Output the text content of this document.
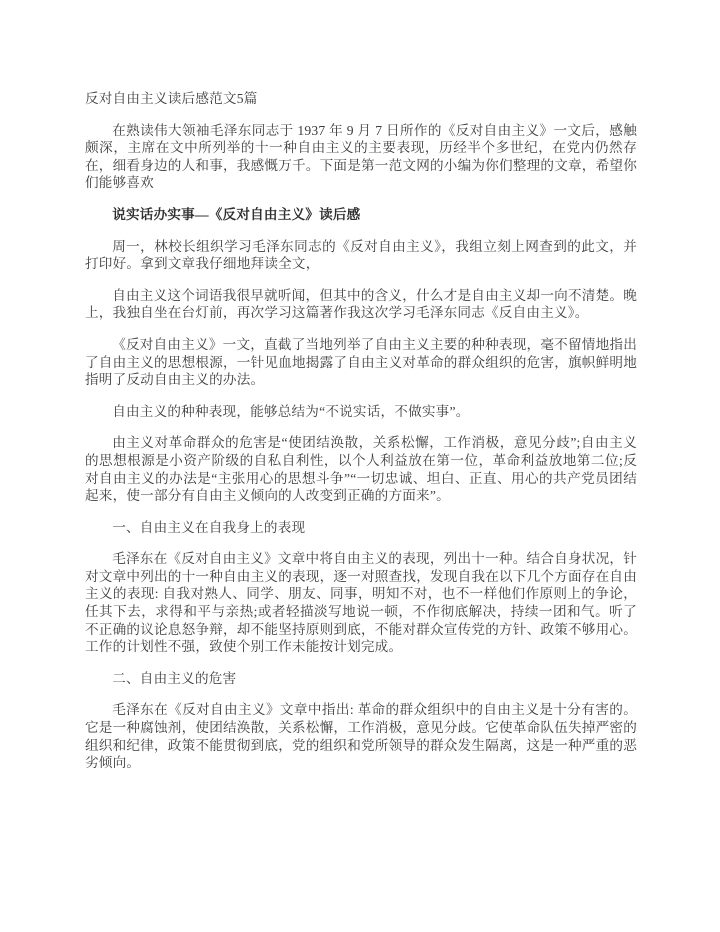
反对自由主义读后感范文5篇

在熟读伟大领袖毛泽东同志于 1937 年 9 月 7 日所作的《反对自由主义》一文后，感触颇深，主席在文中所列举的十一种自由主义的主要表现，历经半个多世纪，在党内仍然存在，细看身边的人和事，我感慨万千。下面是第一范文网的小编为你们整理的文章，希望你们能够喜欢

说实话办实事—《反对自由主义》读后感

周一，林校长组织学习毛泽东同志的《反对自由主义》，我组立刻上网查到的此文，并打印好。拿到文章我仔细地拜读全文，

自由主义这个词语我很早就听闻，但其中的含义，什么才是自由主义却一向不清楚。晚上，我独自坐在台灯前，再次学习这篇著作我这次学习毛泽东同志《反自由主义》。

《反对自由主义》一文，直截了当地列举了自由主义主要的种种表现，毫不留情地指出了自由主义的思想根源，一针见血地揭露了自由主义对革命的群众组织的危害，旗帜鲜明地指明了反动自由主义的办法。

自由主义的种种表现，能够总结为“不说实话，不做实事”。

由主义对革命群众的危害是“使团结涣散，关系松懈，工作消极，意见分歧”;自由主义的思想根源是小资产阶级的自私自利性，以个人利益放在第一位，革命利益放地第二位;反对自由主义的办法是“主张用心的思想斗争”“一切忠诚、坦白、正直、用心的共产党员团结起来，使一部分有自由主义倾向的人改变到正确的方面来”。

一、自由主义在自我身上的表现

毛泽东在《反对自由主义》文章中将自由主义的表现，列出十一种。结合自身状况，针对文章中列出的十一种自由主义的表现，逐一对照查找，发现自我在以下几个方面存在自由主义的表现: 自我对熟人、同学、朋友、同事，明知不对，也不一样他们作原则上的争论，任其下去，求得和平与亲热;或者轻描淡写地说一顿，不作彻底解决，持续一团和气。听了不正确的议论息怒争辩，却不能坚持原则到底，不能对群众宣传党的方针、政策不够用心。工作的计划性不强，致使个别工作未能按计划完成。

二、自由主义的危害

毛泽东在《反对自由主义》文章中指出: 革命的群众组织中的自由主义是十分有害的。它是一种腐蚀剂，使团结涣散，关系松懈，工作消极，意见分歧。它使革命队伍失掉严密的组织和纪律，政策不能贯彻到底，党的组织和党所领导的群众发生隔离，这是一种严重的恶劣倾向。
